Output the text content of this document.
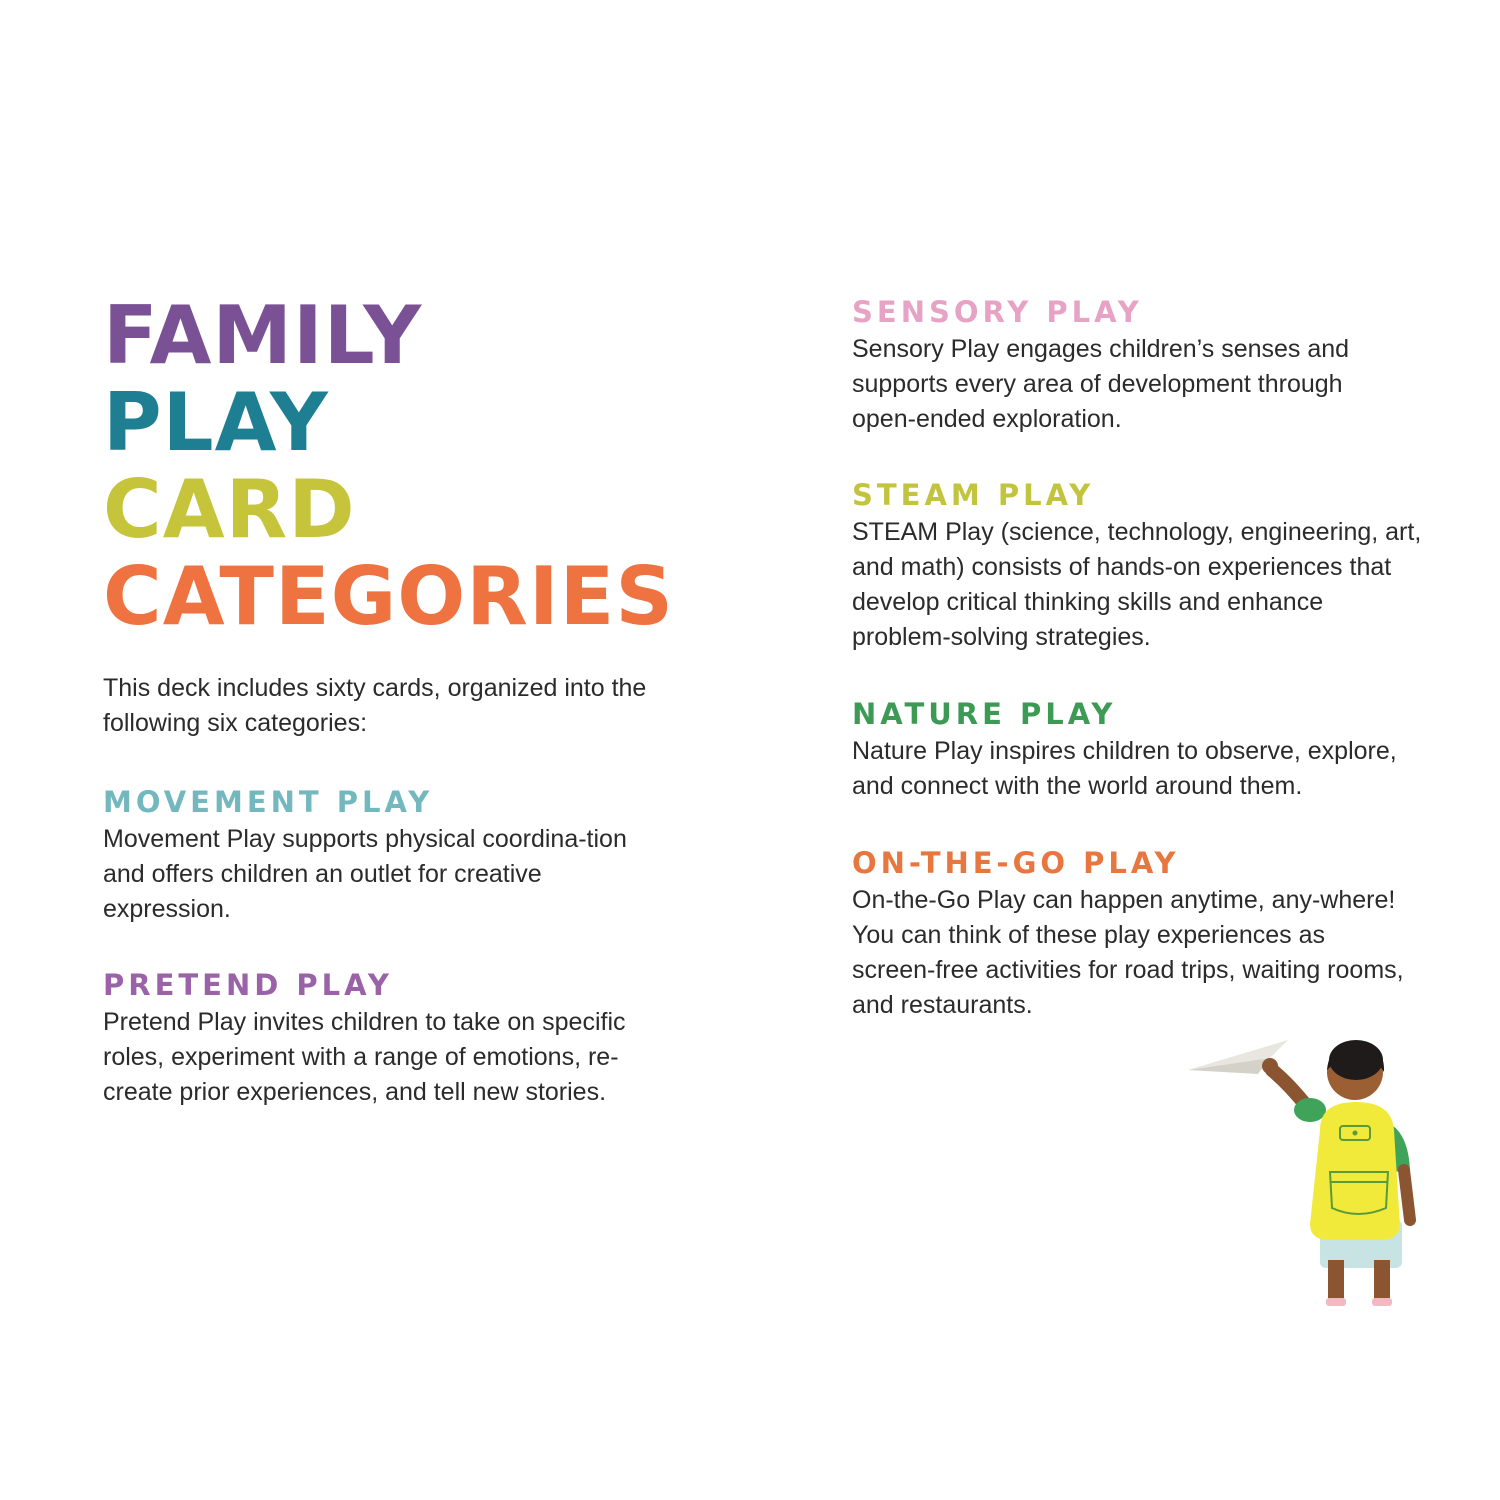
FAMILY
PLAY
CARD
CATEGORIES

This deck includes sixty cards, organized into the following six categories:

MOVEMENT PLAY

Movement Play supports physical coordina-tion and offers children an outlet for creative expression.

PRETEND PLAY

Pretend Play invites children to take on specific roles, experiment with a range of emotions, re-create prior experiences, and tell new stories.

SENSORY PLAY

Sensory Play engages children’s senses and supports every area of development through open-ended exploration.

STEAM PLAY

STEAM Play (science, technology, engineering, art, and math) consists of hands-on experiences that develop critical thinking skills and enhance problem-solving strategies.

NATURE PLAY

Nature Play inspires children to observe, explore, and connect with the world around them.

ON-THE-GO PLAY

On-the-Go Play can happen anytime, any-where! You can think of these play experiences as screen-free activities for road trips, waiting rooms, and restaurants.
